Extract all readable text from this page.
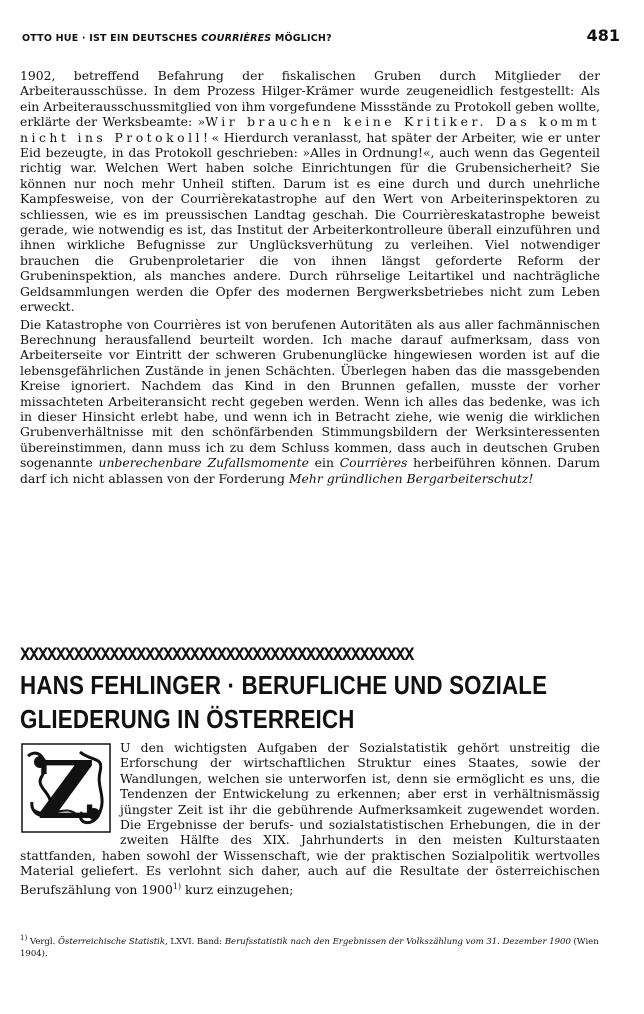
OTTO HUE · IST EIN DEUTSCHES COURRIÈRES MÖGLICH?	481

1902, betreffend Befahrung der fiskalischen Gruben durch Mitglieder der Arbeiterausschüsse. In dem Prozess Hilger-Krämer wurde zeugeneidlich festgestellt: Als ein Arbeiterausschussmitglied von ihm vorgefundene Missstände zu Protokoll geben wollte, erklärte der Werksbeamte: »Wir brauchen keine Kritiker. Das kommt nicht ins Protokoll!« Hierdurch veranlasst, hat später der Arbeiter, wie er unter Eid bezeugte, in das Protokoll geschrieben: »Alles in Ordnung!«, auch wenn das Gegenteil richtig war. Welchen Wert haben solche Einrichtungen für die Grubensicherheit? Sie können nur noch mehr Unheil stiften. Darum ist es eine durch und durch unehrliche Kampfesweise, von der Courrièrekatastrophe auf den Wert von Arbeiterinspektoren zu schliessen, wie es im preussischen Landtag geschah. Die Courrièreskatastrophe beweist gerade, wie notwendig es ist, das Institut der Arbeiterkontrolleure überall einzuführen und ihnen wirkliche Befugnisse zur Unglücksverhütung zu verleihen. Viel notwendiger brauchen die Grubenproletarier die von ihnen längst geforderte Reform der Grubeninspektion, als manches andere. Durch rührselige Leitartikel und nachträgliche Geldsammlungen werden die Opfer des modernen Bergwerksbetriebes nicht zum Leben erweckt.

Die Katastrophe von Courrières ist von berufenen Autoritäten als aus aller fachmännischen Berechnung herausfallend beurteilt worden. Ich mache darauf aufmerksam, dass von Arbeiterseite vor Eintritt der schweren Grubenunglücke hingewiesen worden ist auf die lebensgefährlichen Zustände in jenen Schächten. Überlegen haben das die massgebenden Kreise ignoriert. Nachdem das Kind in den Brunnen gefallen, musste der vorher missachteten Arbeiteransicht recht gegeben werden. Wenn ich alles das bedenke, was ich in dieser Hinsicht erlebt habe, und wenn ich in Betracht ziehe, wie wenig die wirklichen Grubenverhältnisse mit den schönfärbenden Stimmungsbildern der Werksinteressenten übereinstimmen, dann muss ich zu dem Schluss kommen, dass auch in deutschen Gruben sogenannte unberechenbare Zufallsmomente ein Courrières herbeiführen können. Darum darf ich nicht ablassen von der Forderung Mehr gründlichen Bergarbeiterschutz!

XXXXXXXXXXXXXXXXXXXXXXXXXXXXXXXXXXXXXXXXXXXX
HANS FEHLINGER · BERUFLICHE UND SOZIALE
GLIEDERUNG IN ÖSTERREICH
Z	U den wichtigsten Aufgaben der Sozialstatistik gehört unstreitig die Erforschung der wirtschaftlichen Struktur eines Staates, sowie der Wandlungen, welchen sie unterworfen ist, denn sie ermöglicht es uns, die Tendenzen der Entwickelung zu erkennen; aber erst in verhältnismässig jüngster Zeit ist ihr die gebührende Aufmerksamkeit zugewendet worden. Die Ergebnisse der berufs- und sozialstatistischen Erhebungen, die in der zweiten Hälfte des XIX. Jahrhunderts in den meisten Kulturstaaten stattfanden, haben sowohl der Wissenschaft, wie der praktischen Sozialpolitik wertvolles Material geliefert. Es verlohnt sich daher, auch auf die Resultate der österreichischen Berufszählung von 1900$^{1)}$ kurz einzugehen;

$^{1)}$ Vergl. Österreichische Statistik, LXVI. Band: Berufsstatistik nach den Ergebnissen der Volkszählung vom 31. Dezember 1900 (Wien 1904).
